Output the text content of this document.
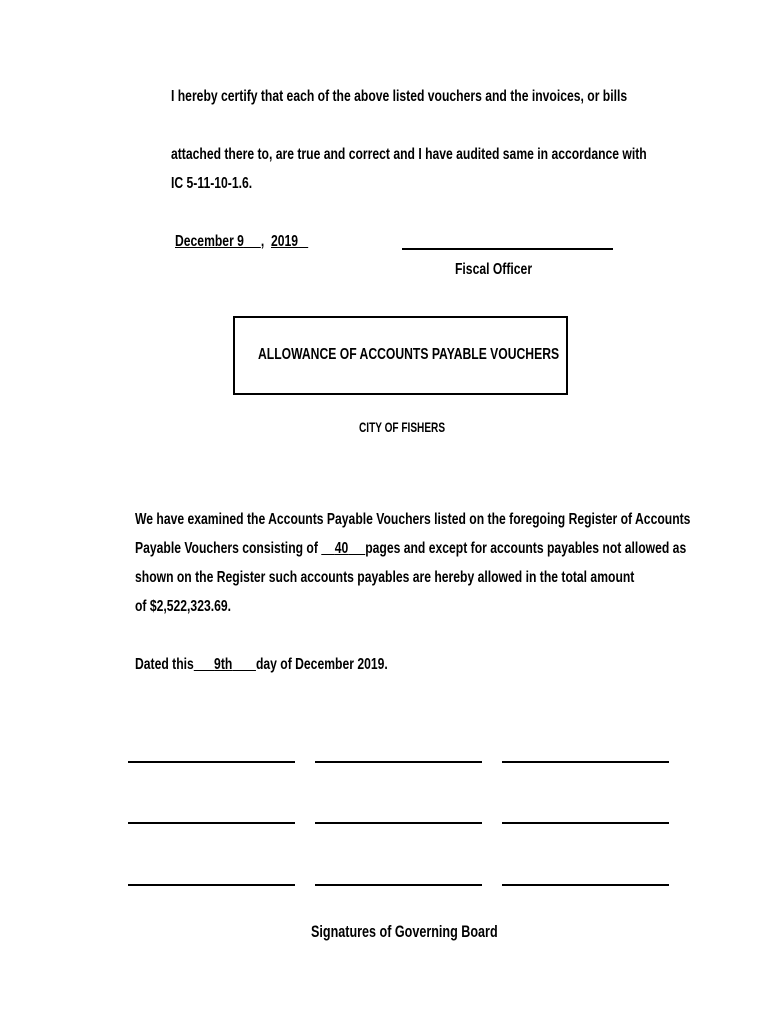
I hereby certify that each of the above listed vouchers and the invoices, or bills
attached there to, are true and correct and I have audited same in accordance with
IC 5-11-10-1.6.
December 9 , 2019
Fiscal Officer
ALLOWANCE OF ACCOUNTS PAYABLE VOUCHERS
CITY OF FISHERS
We have examined the Accounts Payable Vouchers listed on the foregoing Register of Accounts
Payable Vouchers consisting of     40 pages and except for accounts payables not allowed as
shown on the Register such accounts payables are hereby allowed in the total amount
of $2,522,323.69.
Dated this 9th day of December 2019.
Signatures of Governing Board
